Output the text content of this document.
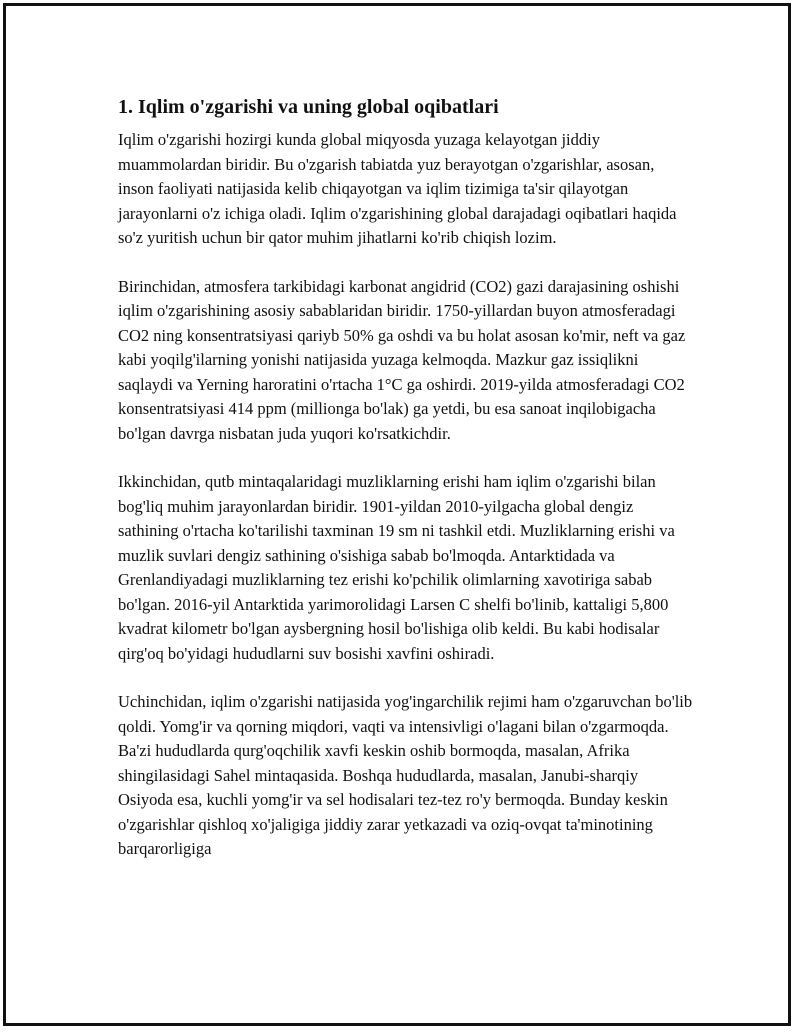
1. Iqlim o'zgarishi va uning global oqibatlari

Iqlim o'zgarishi hozirgi kunda global miqyosda yuzaga kelayotgan jiddiy muammolardan biridir. Bu o'zgarish tabiatda yuz berayotgan o'zgarishlar, asosan, inson faoliyati natijasida kelib chiqayotgan va iqlim tizimiga ta'sir qilayotgan jarayonlarni o'z ichiga oladi. Iqlim o'zgarishining global darajadagi oqibatlari haqida so'z yuritish uchun bir qator muhim jihatlarni ko'rib chiqish lozim.

Birinchidan, atmosfera tarkibidagi karbonat angidrid (CO2) gazi darajasining oshishi iqlim o'zgarishining asosiy sabablaridan biridir. 1750-yillardan buyon atmosferadagi CO2 ning konsentratsiyasi qariyb 50% ga oshdi va bu holat asosan ko'mir, neft va gaz kabi yoqilg'ilarning yonishi natijasida yuzaga kelmoqda. Mazkur gaz issiqlikni saqlaydi va Yerning haroratini o'rtacha 1°C ga oshirdi. 2019-yilda atmosferadagi CO2 konsentratsiyasi 414 ppm (millionga bo'lak) ga yetdi, bu esa sanoat inqilobigacha bo'lgan davrga nisbatan juda yuqori ko'rsatkichdir.

Ikkinchidan, qutb mintaqalaridagi muzliklarning erishi ham iqlim o'zgarishi bilan bog'liq muhim jarayonlardan biridir. 1901-yildan 2010-yilgacha global dengiz sathining o'rtacha ko'tarilishi taxminan 19 sm ni tashkil etdi. Muzliklarning erishi va muzlik suvlari dengiz sathining o'sishiga sabab bo'lmoqda. Antarktidada va Grenlandiyadagi muzliklarning tez erishi ko'pchilik olimlarning xavotiriga sabab bo'lgan. 2016-yil Antarktida yarimorolidagi Larsen C shelfi bo'linib, kattaligi 5,800 kvadrat kilometr bo'lgan aysbergning hosil bo'lishiga olib keldi. Bu kabi hodisalar qirg'oq bo'yidagi hududlarni suv bosishi xavfini oshiradi.

Uchinchidan, iqlim o'zgarishi natijasida yog'ingarchilik rejimi ham o'zgaruvchan bo'lib qoldi. Yomg'ir va qorning miqdori, vaqti va intensivligi o'lagani bilan o'zgarmoqda. Ba'zi hududlarda qurg'oqchilik xavfi keskin oshib bormoqda, masalan, Afrika shingilasidagi Sahel mintaqasida. Boshqa hududlarda, masalan, Janubi-sharqiy Osiyoda esa, kuchli yomg'ir va sel hodisalari tez-tez ro'y bermoqda. Bunday keskin o'zgarishlar qishloq xo'jaligiga jiddiy zarar yetkazadi va oziq-ovqat ta'minotining barqarorligiga
